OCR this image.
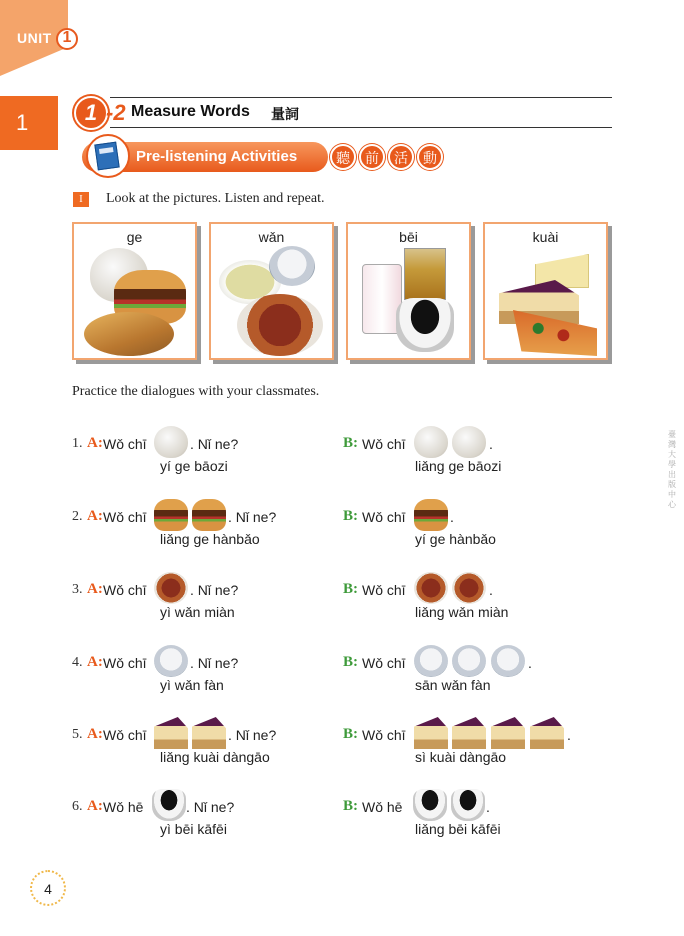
UNIT 1
1	1 -2 Measure Words 量詞
Pre-listening Activities	聽	前	活	動
I	Look at the pictures. Listen and repeat.
ge	wǎn	bēi	kuài
Practice the dialogues with your classmates.
1. A: Wǒ chī	. Nǐ ne?
yí ge bāozi
B: Wǒ chī	.
liǎng ge bāozi
2. A: Wǒ chī	. Nǐ ne?
liǎng ge hànbǎo
B: Wǒ chī	.
yí ge hànbǎo
3. A: Wǒ chī	. Nǐ ne?
yì wǎn miàn
B: Wǒ chī	.
liǎng wǎn miàn
4. A: Wǒ chī	. Nǐ ne?
yì wǎn fàn
B: Wǒ chī	.
sān wǎn fàn
5. A: Wǒ chī	. Nǐ ne?
liǎng kuài dàngāo
B: Wǒ chī	.
sì kuài dàngāo
6. A: Wǒ hē	. Nǐ ne?
yì bēi kāfēi
B: Wǒ hē	.
liǎng bēi kāfēi
4
臺灣大學出版中心
